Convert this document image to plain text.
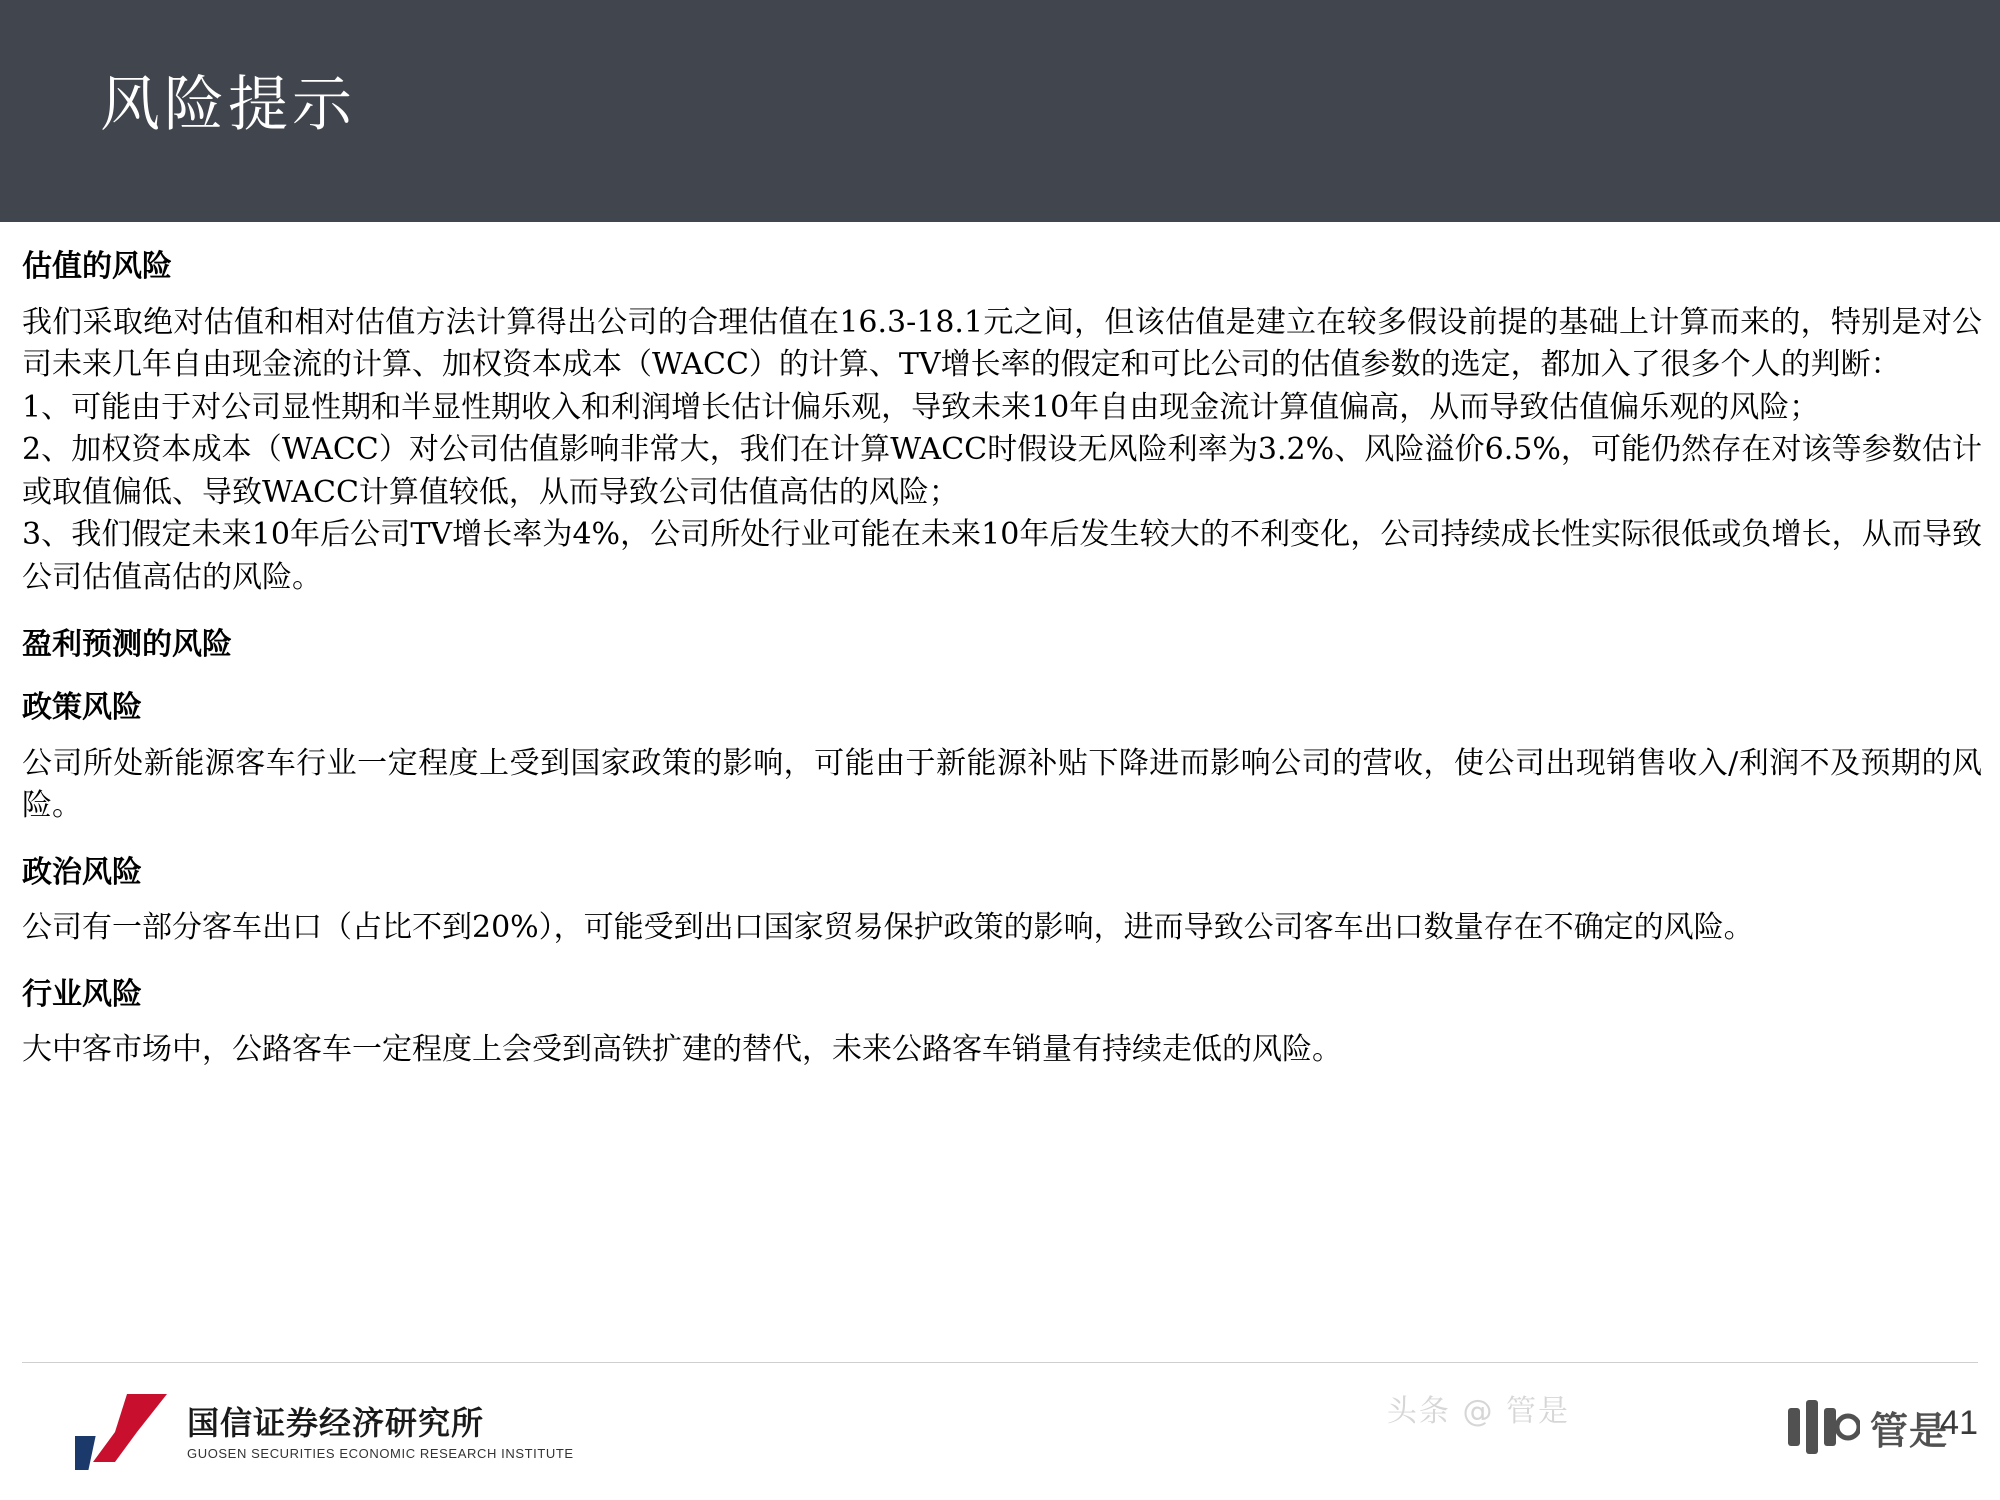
风险提示
估值的风险

我们采取绝对估值和相对估值方法计算得出公司的合理估值在16.3-18.1元之间，但该估值是建立在较多假设前提的基础上计算而来的，特别是对公司未来几年自由现金流的计算、加权资本成本（WACC）的计算、TV增长率的假定和可比公司的估值参数的选定，都加入了很多个人的判断：

1、可能由于对公司显性期和半显性期收入和利润增长估计偏乐观，导致未来10年自由现金流计算值偏高，从而导致估值偏乐观的风险；

2、加权资本成本（WACC）对公司估值影响非常大，我们在计算WACC时假设无风险利率为3.2%、风险溢价6.5%，可能仍然存在对该等参数估计或取值偏低、导致WACC计算值较低，从而导致公司估值高估的风险；

3、我们假定未来10年后公司TV增长率为4%，公司所处行业可能在未来10年后发生较大的不利变化，公司持续成长性实际很低或负增长，从而导致公司估值高估的风险。

盈利预测的风险
政策风险

公司所处新能源客车行业一定程度上受到国家政策的影响，可能由于新能源补贴下降进而影响公司的营收，使公司出现销售收入/利润不及预期的风险。

政治风险

公司有一部分客车出口（占比不到20%），可能受到出口国家贸易保护政策的影响，进而导致公司客车出口数量存在不确定的风险。

行业风险

大中客市场中，公路客车一定程度上会受到高铁扩建的替代，未来公路客车销量有持续走低的风险。

国信证券经济研究所
GUOSEN SECURITIES ECONOMIC RESEARCH INSTITUTE
头条 @ 管是	管是
41
